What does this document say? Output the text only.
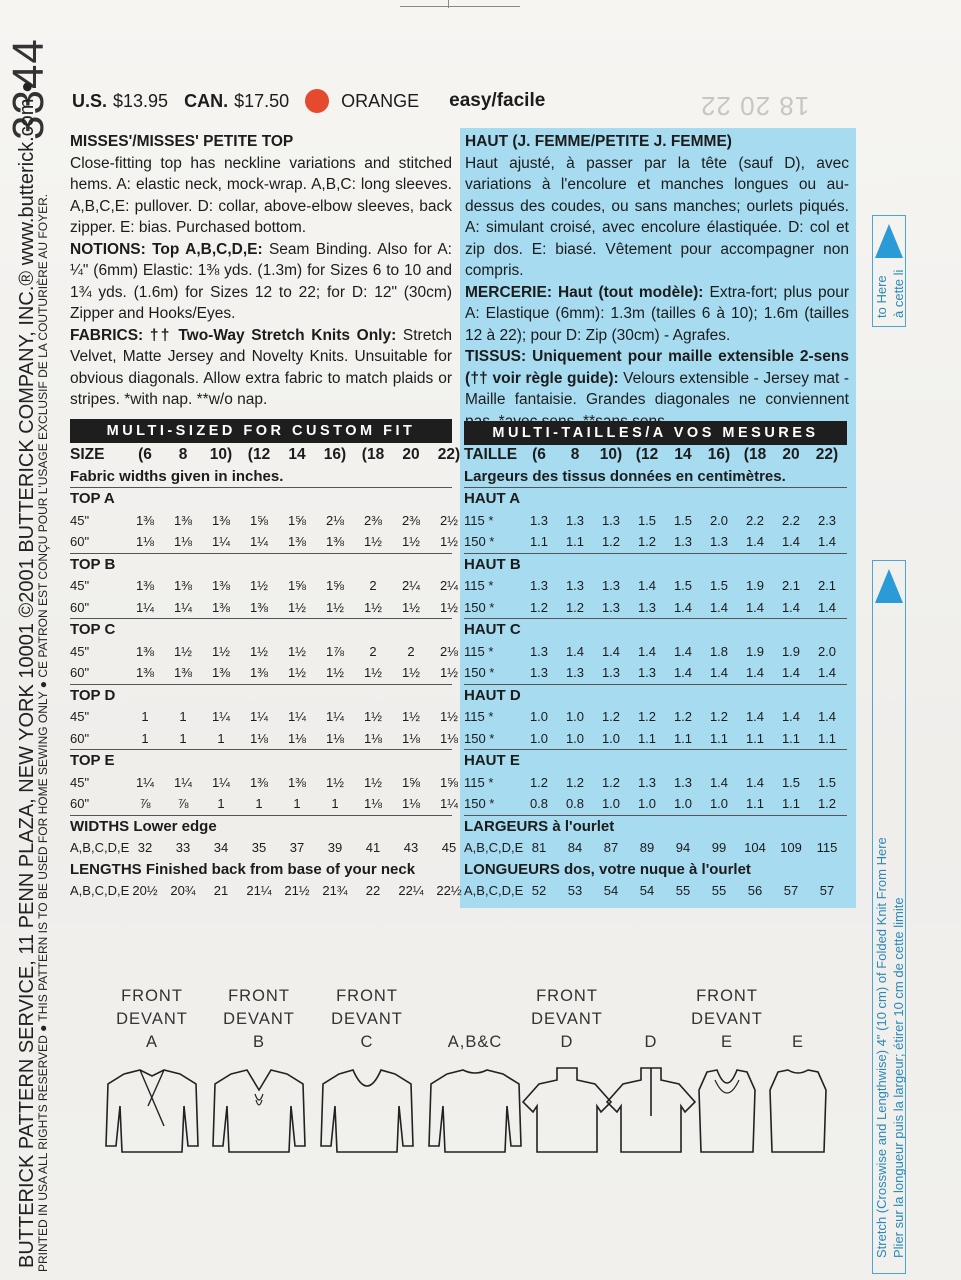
3344
BUTTERICK PATTERN SERVICE, 11 PENN PLAZA, NEW YORK 10001 ©2001 BUTTERICK COMPANY, INC.® www.butterick.com ●
PRINTED IN USA ALL RIGHTS RESERVED ● THIS PATTERN IS TO BE USED FOR HOME SEWING ONLY ● CE PATRON EST CONÇU POUR L'USAGE EXCLUSIF DE LA COUTURIÈRE AU FOYER.
U.S. $13.95 CAN. $17.50	ORANGE easy/facile	18 20 22

MISSES'/MISSES' PETITE TOP

Close-fitting top has neckline variations and stitched hems. A: elastic neck, mock-wrap. A,B,C: long sleeves. A,B,C,E: pullover. D: collar, above-elbow sleeves, back zipper. E: bias. Purchased bottom.

NOTIONS: Top A,B,C,D,E: Seam Binding. Also for A: ¼" (6mm) Elastic: 1⅜ yds. (1.3m) for Sizes 6 to 10 and 1¾ yds. (1.6m) for Sizes 12 to 22; for D: 12" (30cm) Zipper and Hooks/Eyes.

FABRICS: †† Two-Way Stretch Knits Only: Stretch Velvet, Matte Jersey and Novelty Knits. Unsuitable for obvious diagonals. Allow extra fabric to match plaids or stripes. *with nap. **w/o nap.

HAUT (J. FEMME/PETITE J. FEMME)

Haut ajusté, à passer par la tête (sauf D), avec variations à l'encolure et manches longues ou au-dessus des coudes, ou sans manches; ourlets piqués. A: simulant croisé, avec encolure élastiquée. D: col et zip dos. E: biasé. Vêtement pour accompagner non compris.

MERCERIE: Haut (tout modèle): Extra-fort; plus pour A: Elastique (6mm): 1.3m (tailles 6 à 10); 1.6m (tailles 12 à 22); pour D: Zip (30cm) - Agrafes.

TISSUS: Uniquement pour maille extensible 2-sens (†† voir règle guide): Velours extensible - Jersey mat - Maille fantaisie. Grandes diagonales ne conviennent

MULTI-SIZED FOR CUSTOM FIT	MULTI-TAILLES/A VOS MESURES
SIZE	(6	8	10) (12	14	16) (18	20	22)
Fabric widths given in inches.
TOP A
45"	1⅜	1⅜	1⅜	1⅝	1⅝	2⅛	2⅜	2⅜	2½
60"	1⅛	1⅛	1¼	1¼	1⅜	1⅜	1½	1½	1½
TOP B
45"	1⅜	1⅜	1⅜	1½	1⅝	1⅝	2	2¼	2¼
60"	1¼	1¼	1⅜	1⅜	1½	1½	1½	1½	1½
TOP C
45"	1⅜	1½	1½	1½	1½	1⅞	2	2	2⅛
60"	1⅜	1⅜	1⅜	1⅜	1½	1½	1½	1½	1½
TOP D
45"	1	1	1¼	1¼	1¼	1¼	1½	1½	1½
60"	1	1	1	1⅛	1⅛	1⅛	1⅛	1⅛	1⅛
TOP E
45"	1¼	1¼	1¼	1⅜	1⅜	1½	1½	1⅝	1⅝
60"	⅞	⅞	1	1	1	1	1⅛	1⅛	1¼
WIDTHS Lower edge
A,B,C,D,E 32	33	34	35	37	39	41	43	45
LENGTHS Finished back from base of your neck
A,B,C,D,E 20½ 20¾	21	21¼ 21½ 21¾	22	22¼ 22½
TAILLE (6	8	10) (12	14	16) (18	20	22)
Largeurs des tissus données en centimètres.
HAUT A
115 *	1.3	1.3	1.3	1.5	1.5	2.0	2.2	2.2	2.3
150 *	1.1	1.1	1.2	1.2	1.3	1.3	1.4	1.4	1.4
HAUT B
115 *	1.3	1.3	1.3	1.4	1.5	1.5	1.9	2.1	2.1
150 *	1.2	1.2	1.3	1.3	1.4	1.4	1.4	1.4	1.4
HAUT C
115 *	1.3	1.4	1.4	1.4	1.4	1.8	1.9	1.9	2.0
150 *	1.3	1.3	1.3	1.3	1.4	1.4	1.4	1.4	1.4
HAUT D
115 *	1.0	1.0	1.2	1.2	1.2	1.2	1.4	1.4	1.4
150 *	1.0	1.0	1.0	1.1	1.1	1.1	1.1	1.1	1.1
HAUT E
115 *	1.2	1.2	1.2	1.3	1.3	1.4	1.4	1.5	1.5
150 *	0.8	0.8	1.0	1.0	1.0	1.0	1.1	1.1	1.2
LARGEURS à l'ourlet
A,B,C,D,E 81	84	87	89	94	99	104	109	115
LONGUEURS dos, votre nuque à l'ourlet
A,B,C,D,E 52	53	54	54	55	55	56	57	57
FRONT
DEVANT
A
FRONT
DEVANT
B
FRONT
DEVANT
C

	A,B&C
FRONT
DEVANT
D

	D
FRONT
DEVANT
E

	E
to Here à cette li
Stretch (Crosswise and Lengthwise) 4" (10 cm) of Folded Knit From Here Plier sur la longueur puis la largeur; étirer 10 cm de cette limite
